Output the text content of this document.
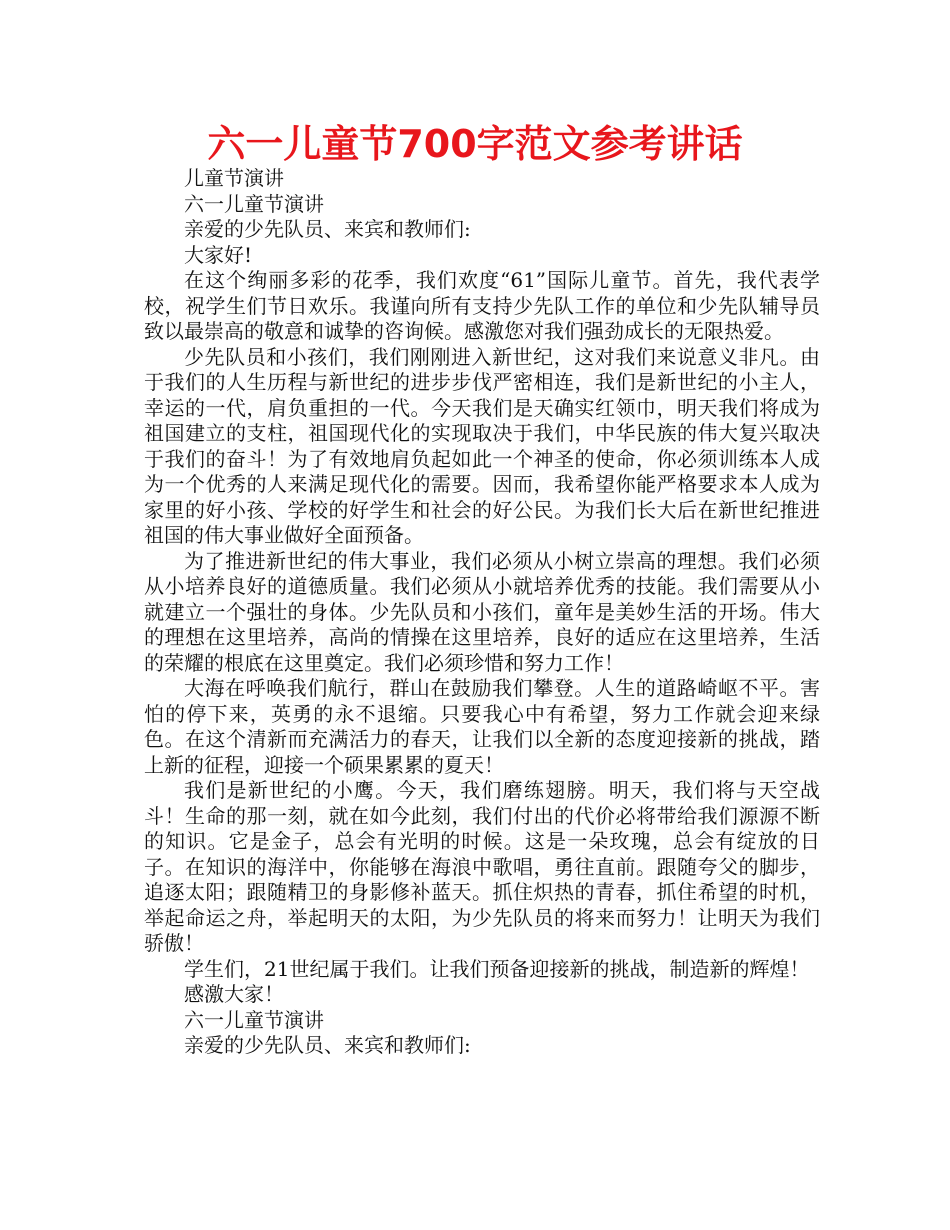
六一儿童节700字范文参考讲话

儿童节演讲

六一儿童节演讲

亲爱的少先队员、来宾和教师们:

大家好!

在这个绚丽多彩的花季，我们欢度“61”国际儿童节。首先，我代表学校，祝学生们节日欢乐。我谨向所有支持少先队工作的单位和少先队辅导员致以最崇高的敬意和诚挚的咨询候。感激您对我们强劲成长的无限热爱。

少先队员和小孩们，我们刚刚进入新世纪，这对我们来说意义非凡。由于我们的人生历程与新世纪的进步步伐严密相连，我们是新世纪的小主人，幸运的一代，肩负重担的一代。今天我们是天确实红领巾，明天我们将成为祖国建立的支柱，祖国现代化的实现取决于我们，中华民族的伟大复兴取决于我们的奋斗！为了有效地肩负起如此一个神圣的使命，你必须训练本人成为一个优秀的人来满足现代化的需要。因而，我希望你能严格要求本人成为家里的好小孩、学校的好学生和社会的好公民。为我们长大后在新世纪推进祖国的伟大事业做好全面预备。

为了推进新世纪的伟大事业，我们必须从小树立崇高的理想。我们必须从小培养良好的道德质量。我们必须从小就培养优秀的技能。我们需要从小就建立一个强壮的身体。少先队员和小孩们，童年是美妙生活的开场。伟大的理想在这里培养，高尚的情操在这里培养，良好的适应在这里培养，生活的荣耀的根底在这里奠定。我们必须珍惜和努力工作！

大海在呼唤我们航行，群山在鼓励我们攀登。人生的道路崎岖不平。害怕的停下来，英勇的永不退缩。只要我心中有希望，努力工作就会迎来绿色。在这个清新而充满活力的春天，让我们以全新的态度迎接新的挑战，踏上新的征程，迎接一个硕果累累的夏天！

我们是新世纪的小鹰。今天，我们磨练翅膀。明天，我们将与天空战斗！生命的那一刻，就在如今此刻，我们付出的代价必将带给我们源源不断的知识。它是金子，总会有光明的时候。这是一朵玫瑰，总会有绽放的日子。在知识的海洋中，你能够在海浪中歌唱，勇往直前。跟随夸父的脚步，追逐太阳；跟随精卫的身影修补蓝天。抓住炽热的青春，抓住希望的时机，举起命运之舟，举起明天的太阳，为少先队员的将来而努力！让明天为我们骄傲！

学生们，21世纪属于我们。让我们预备迎接新的挑战，制造新的辉煌！

感激大家！

六一儿童节演讲

亲爱的少先队员、来宾和教师们:
